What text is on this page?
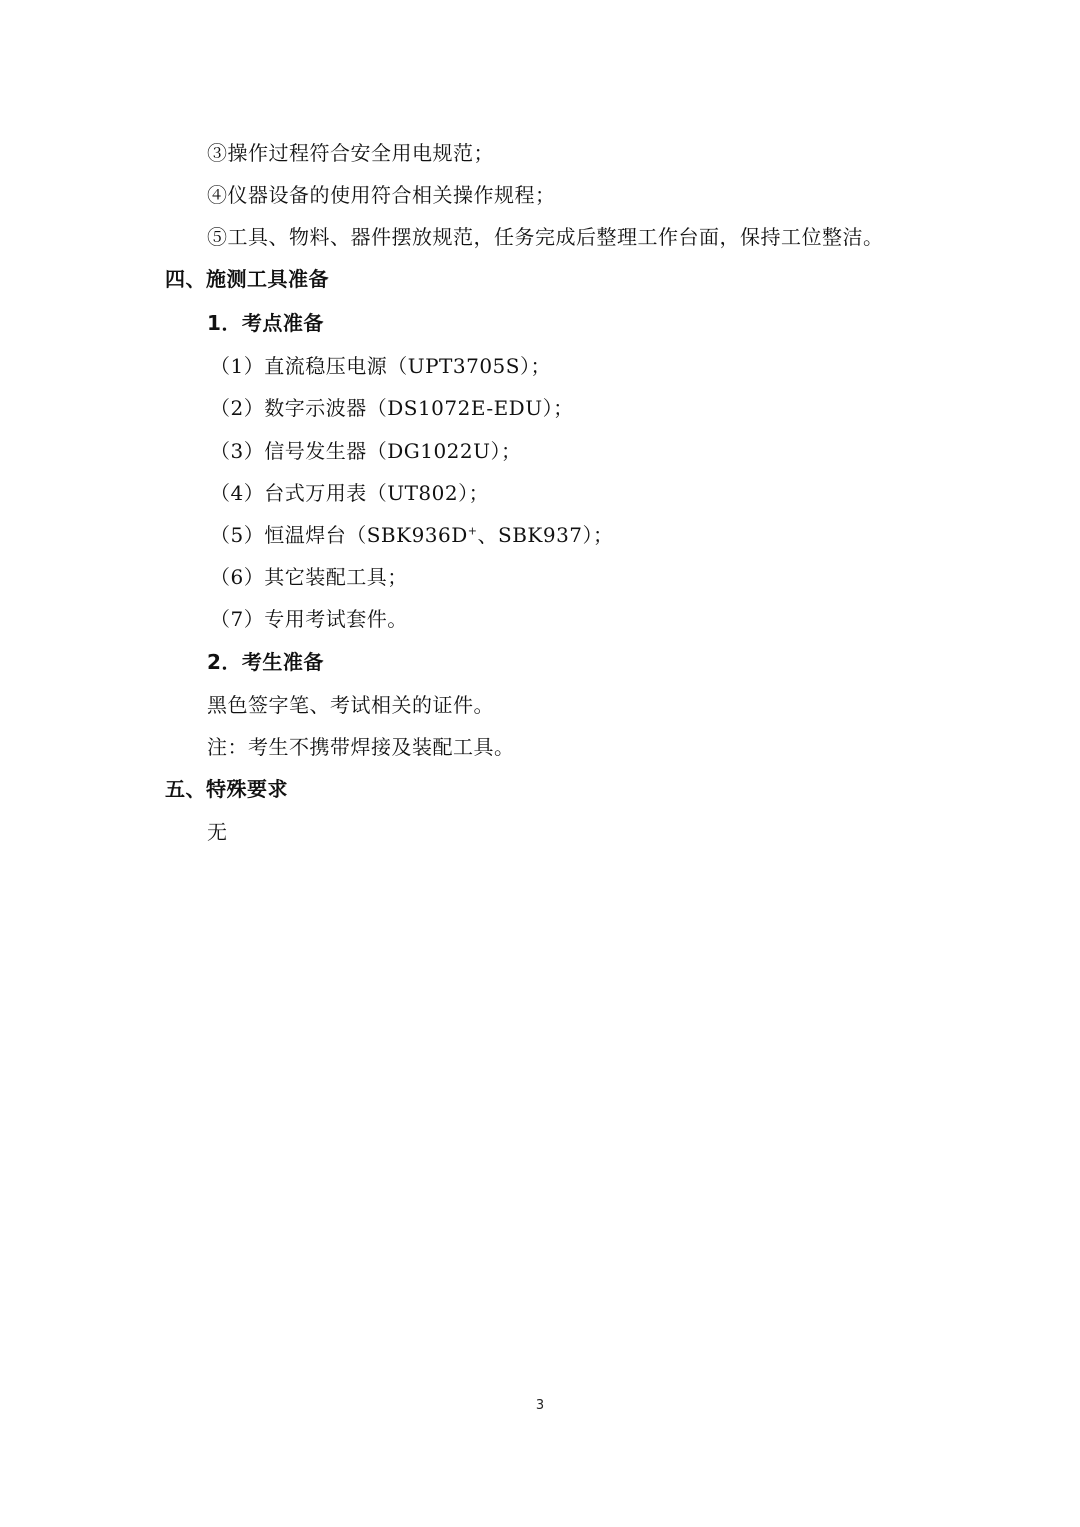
③操作过程符合安全用电规范；
④仪器设备的使用符合相关操作规程；
⑤工具、物料、器件摆放规范，任务完成后整理工作台面，保持工位整洁。
四、施测工具准备
1．考点准备
（1）直流稳压电源（UPT3705S）；
（2）数字示波器（DS1072E-EDU）；
（3）信号发生器（DG1022U）；
（4）台式万用表（UT802）；
（5）恒温焊台（SBK936D+、SBK937）；
（6）其它装配工具；
（7）专用考试套件。
2．考生准备
黑色签字笔、考试相关的证件。
注：考生不携带焊接及装配工具。
五、特殊要求
无
3
